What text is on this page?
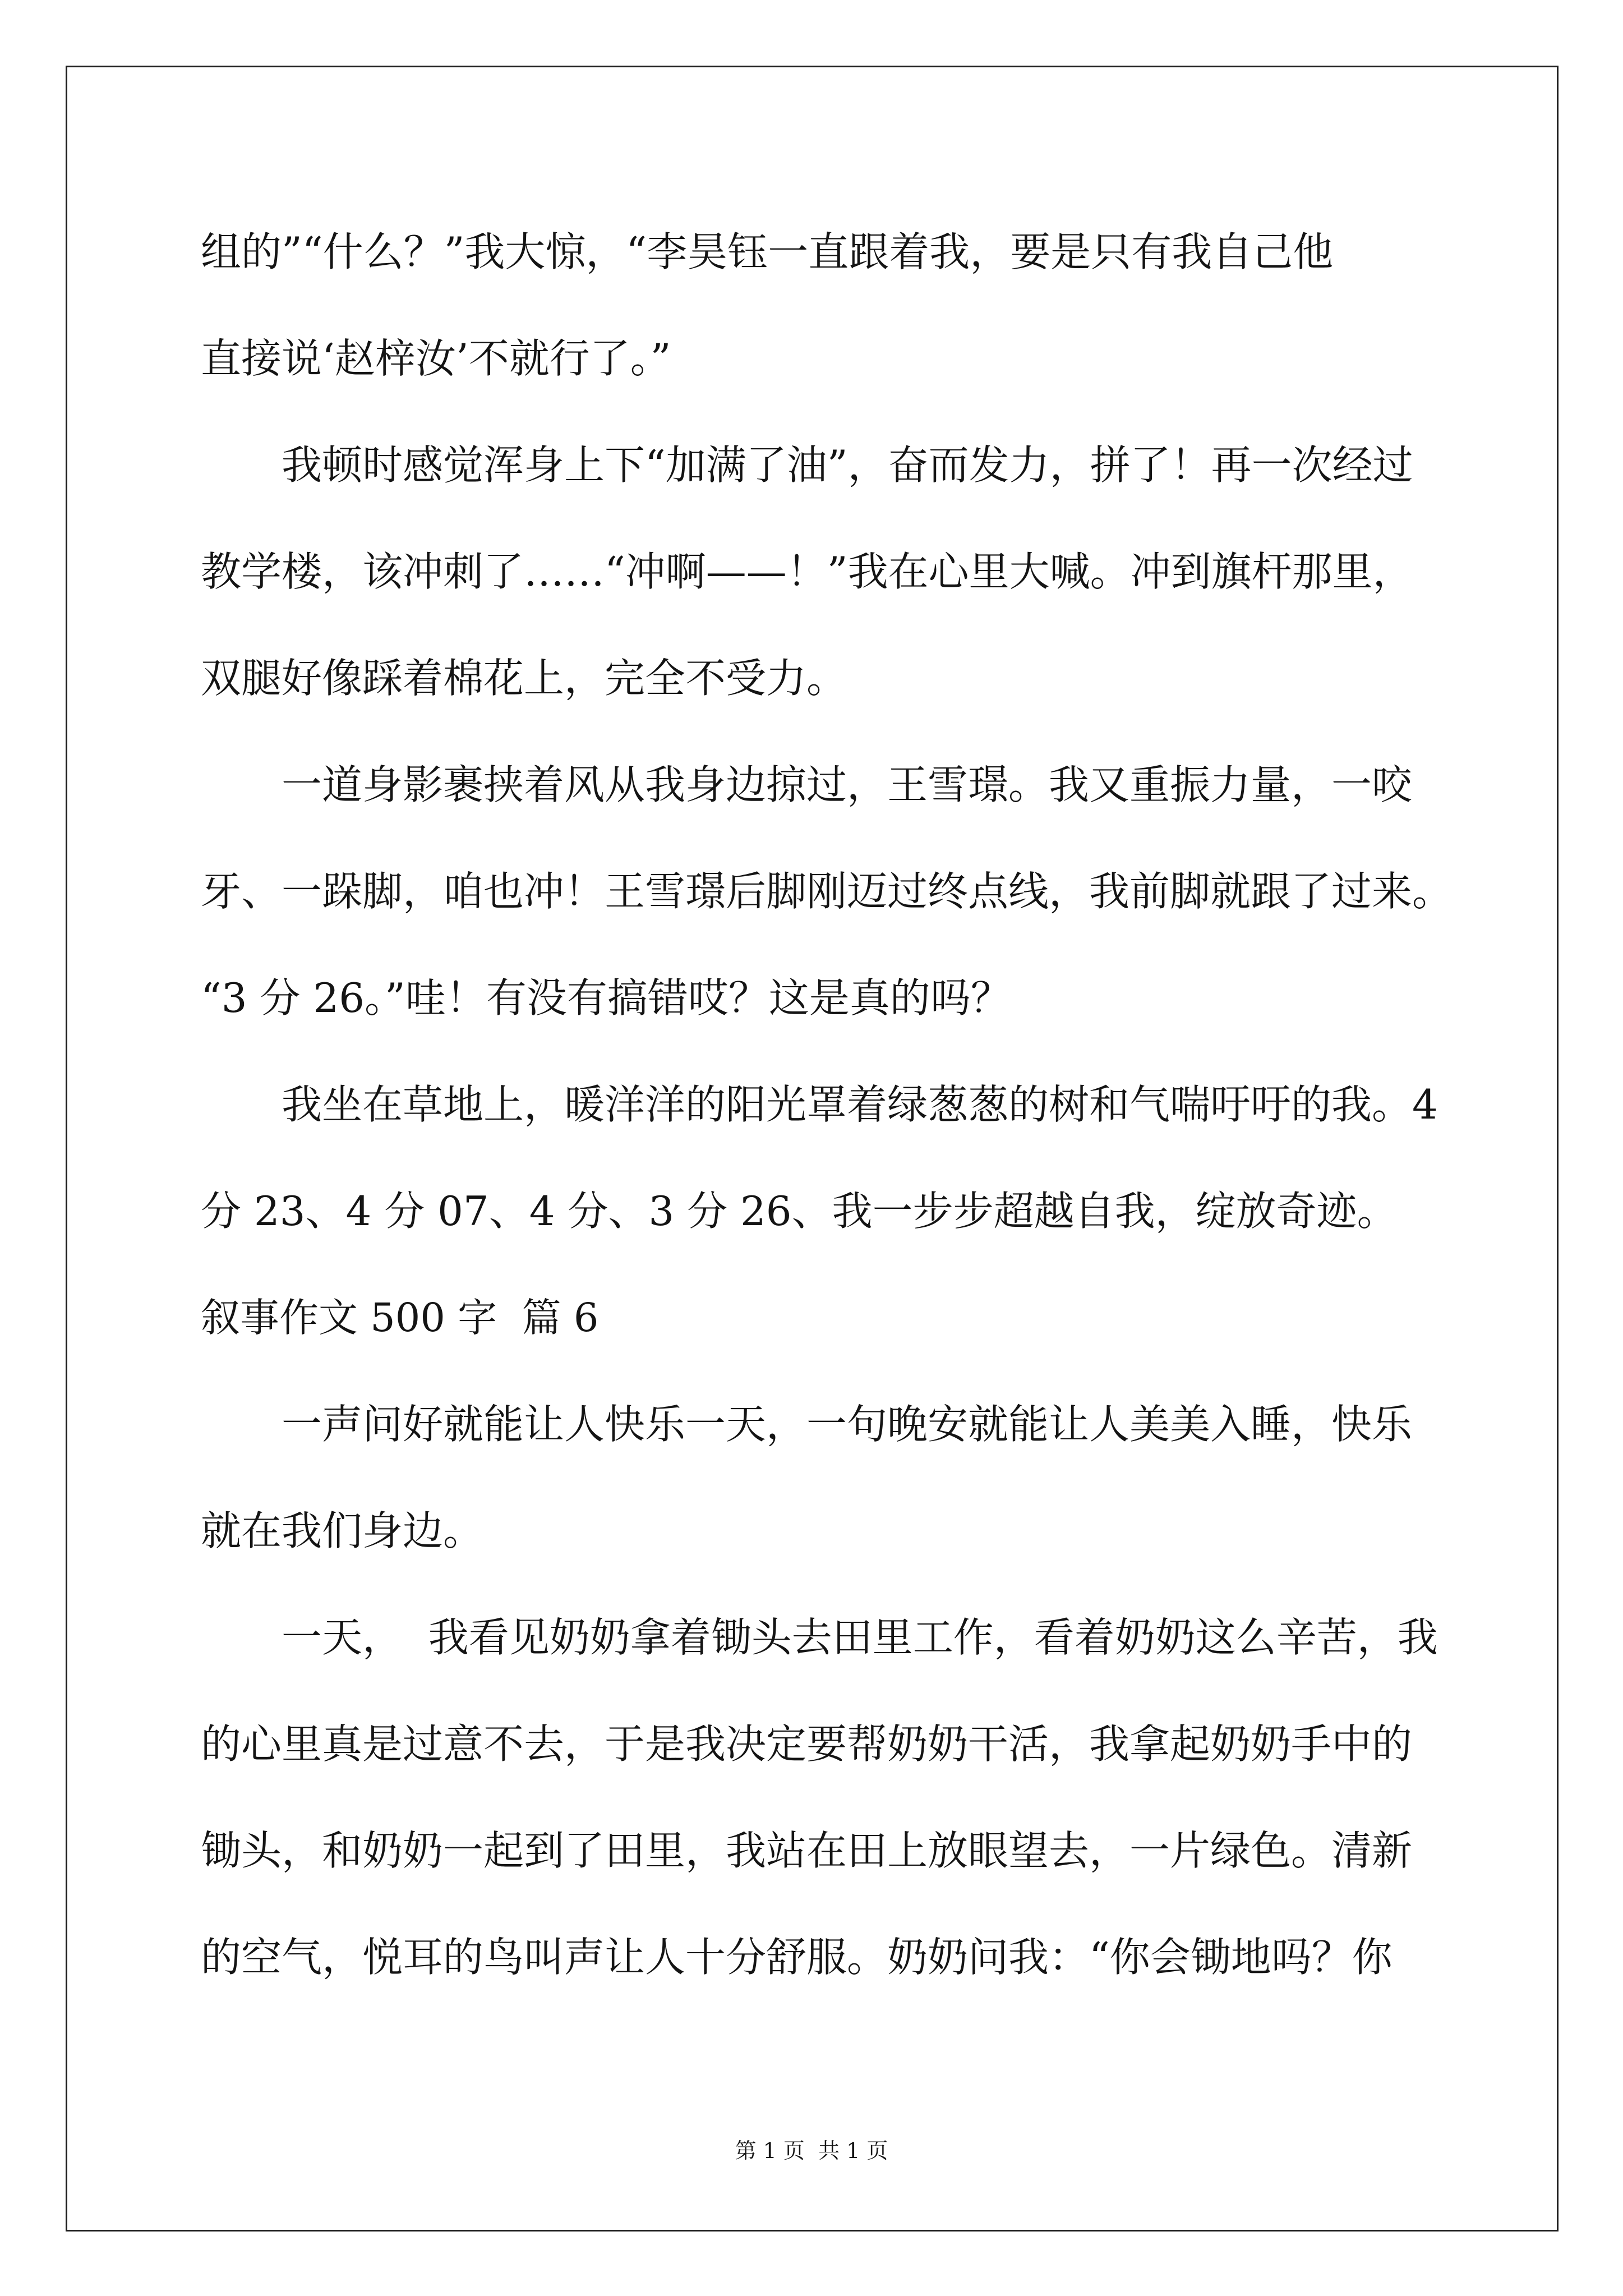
组的”“什么？”我大惊，“李昊钰一直跟着我，要是只有我自己他
直接说‘赵梓汝’不就行了。”
我顿时感觉浑身上下“加满了油”，奋而发力，拼了！再一次经过
教学楼，该冲刺了……“冲啊——！”我在心里大喊。冲到旗杆那里，
双腿好像踩着棉花上，完全不受力。
一道身影裹挟着风从我身边掠过，王雪璟。我又重振力量，一咬
牙、一跺脚，咱也冲！王雪璟后脚刚迈过终点线，我前脚就跟了过来。
“3 分 26。”哇！有没有搞错哎？这是真的吗？
我坐在草地上，暖洋洋的阳光罩着绿葱葱的树和气喘吁吁的我。4
分 23、4 分 07、4 分、3 分 26、我一步步超越自我，绽放奇迹。
叙事作文 500 字  篇 6
一声问好就能让人快乐一天，一句晚安就能让人美美入睡，快乐
就在我们身边。
一天，  我看见奶奶拿着锄头去田里工作，看着奶奶这么辛苦，我
的心里真是过意不去，于是我决定要帮奶奶干活，我拿起奶奶手中的
锄头，和奶奶一起到了田里，我站在田上放眼望去，一片绿色。清新
的空气，悦耳的鸟叫声让人十分舒服。奶奶问我：“你会锄地吗？你
第 1 页  共 1 页
